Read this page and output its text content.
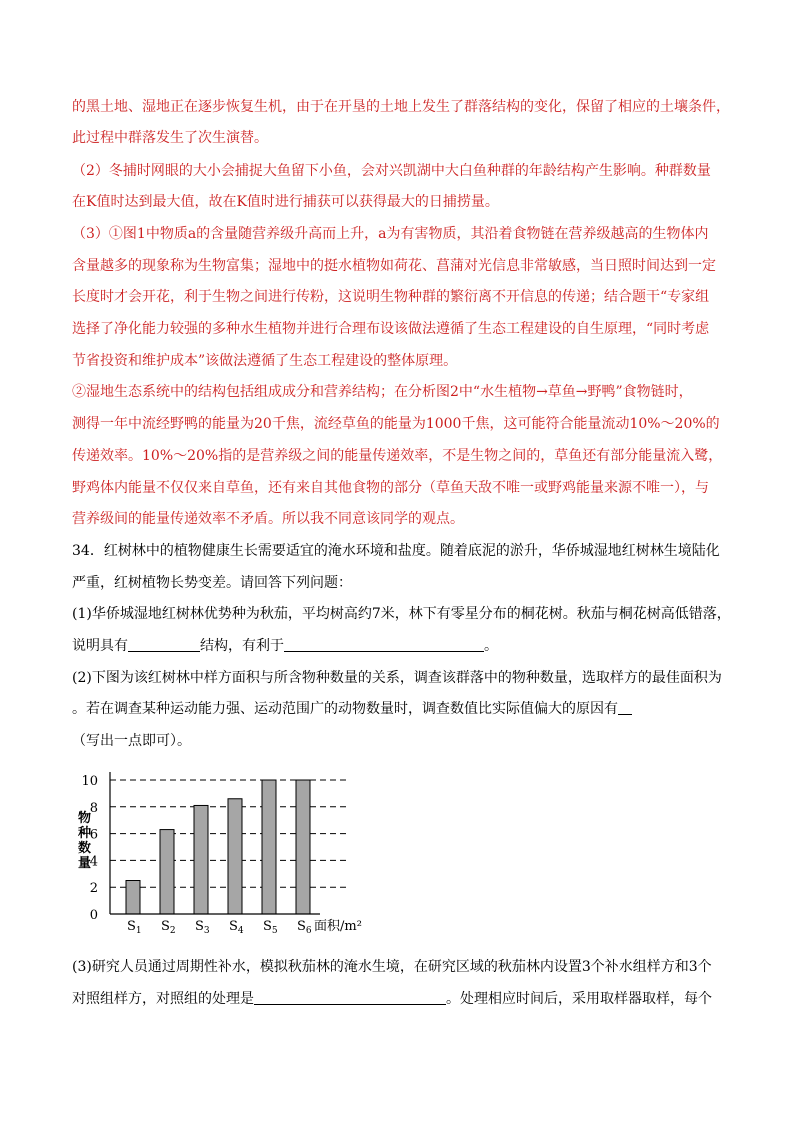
的黑土地、湿地正在逐步恢复生机，由于在开垦的土地上发生了群落结构的变化，保留了相应的土壤条件，
此过程中群落发生了次生演替。
（2）冬捕时网眼的大小会捕捉大鱼留下小鱼，会对兴凯湖中大白鱼种群的年龄结构产生影响。种群数量
在K值时达到最大值，故在K值时进行捕获可以获得最大的日捕捞量。
（3）①图1中物质a的含量随营养级升高而上升，a为有害物质，其沿着食物链在营养级越高的生物体内
含量越多的现象称为生物富集；湿地中的挺水植物如荷花、菖蒲对光信息非常敏感，当日照时间达到一定
长度时才会开花，利于生物之间进行传粉，这说明生物种群的繁衍离不开信息的传递；结合题干“专家组
选择了净化能力较强的多种水生植物并进行合理布设该做法遵循了生态工程建设的自生原理，“同时考虑
节省投资和维护成本”该做法遵循了生态工程建设的整体原理。
②湿地生态系统中的结构包括组成成分和营养结构；在分析图2中“水生植物→草鱼→野鸭”食物链时，
测得一年中流经野鸭的能量为20千焦，流经草鱼的能量为1000千焦，这可能符合能量流动10%～20%的
传递效率。10%～20%指的是营养级之间的能量传递效率，不是生物之间的，草鱼还有部分能量流入鹭，
野鸡体内能量不仅仅来自草鱼，还有来自其他食物的部分（草鱼天敌不唯一或野鸡能量来源不唯一），与
营养级间的能量传递效率不矛盾。所以我不同意该同学的观点。
34．红树林中的植物健康生长需要适宜的淹水环境和盐度。随着底泥的淤升，华侨城湿地红树林生境陆化
严重，红树植物长势变差。请回答下列问题：
(1)华侨城湿地红树林优势种为秋茄，平均树高约7米，林下有零星分布的桐花树。秋茄与桐花树高低错落，
说明具有	结构，有利于	。
(2)下图为该红树林中样方面积与所含物种数量的关系，调查该群落中的物种数量，选取样方的最佳面积为
。若在调查某种运动能力强、运动范围广的动物数量时，调查数值比实际值偏大的原因有
（写出一点即可）。
0
2
4
6
8
10
$S_1$ $S_2$ $S_3$ $S_4$ $S_5$ $S_6$ 面积/m²
物
种
数
量
(3)研究人员通过周期性补水，模拟秋茄林的淹水生境，在研究区域的秋茄林内设置3个补水组样方和3个
对照组样方，对照组的处理是	。处理相应时间后，采用取样器取样，每个
